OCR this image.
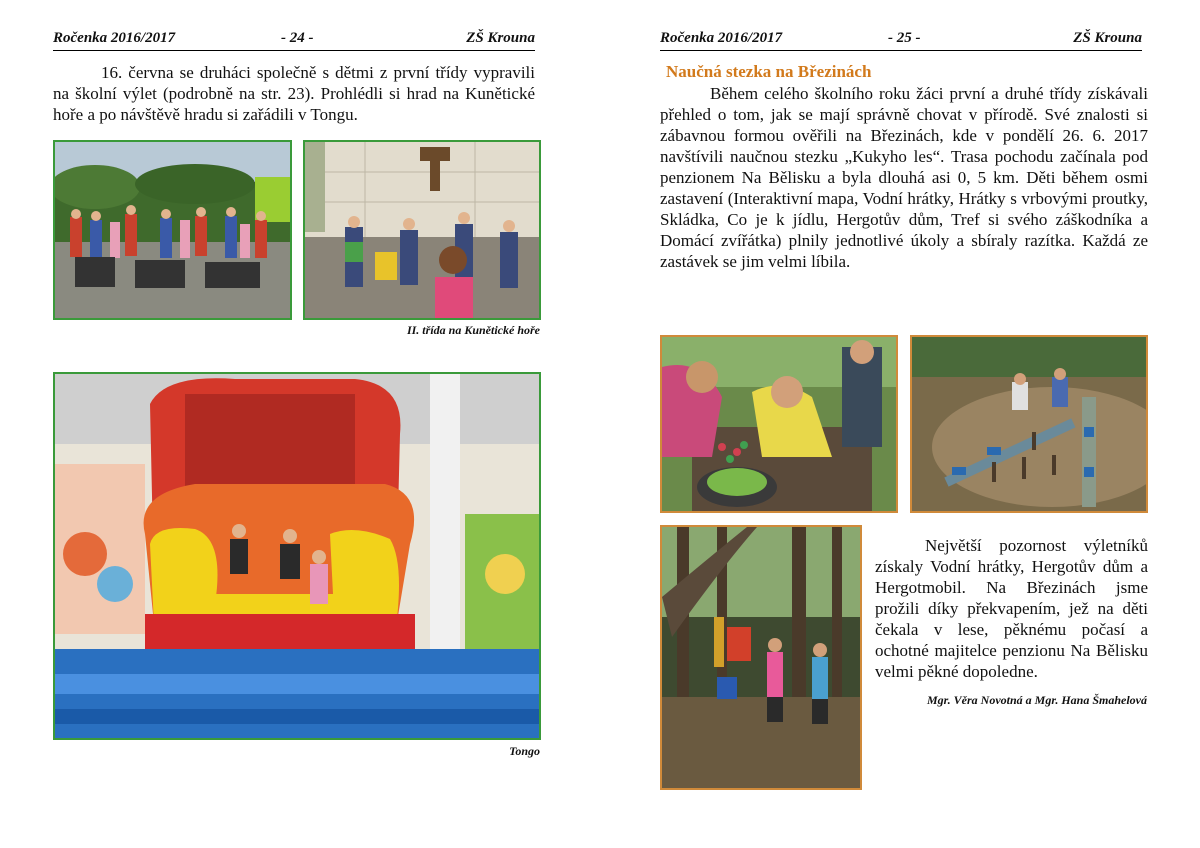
Ročenka 2016/2017	- 24 -	ZŠ Krouna

16. června se druháci společně s dětmi z první třídy vypravili na školní výlet (podrobně na str. 23). Prohlédli si hrad na Kunětické hoře a po návštěvě hradu si zařádili v Tongu.

II. třída na Kunětické hoře
Tongo
Ročenka 2016/2017	- 25 -	ZŠ Krouna
Naučná stezka na Březinách

Během celého školního roku žáci první a druhé třídy získávali přehled o tom, jak se mají správně chovat v přírodě. Své znalosti si zábavnou formou ověřili na Březinách, kde v pondělí 26. 6. 2017 navštívili naučnou stezku „Kukyho les“. Trasa pochodu začínala pod penzionem Na Bělisku a byla dlouhá asi 0, 5 km. Děti během osmi zastavení (Interaktivní mapa, Vodní hrátky, Hrátky s vrbovými proutky, Skládka, Co je k jídlu, Hergotův dům, Tref si svého záškodníka a Domácí zvířátka) plnily jednotlivé úkoly a sbíraly razítka. Každá ze zastávek se jim velmi líbila.

Největší pozornost výletníků získaly Vodní hrátky, Hergotův dům a Hergotmobil. Na Březinách jsme prožili díky překvapením, jež na děti čekala v lese, pěknému počasí a ochotné majitelce penzionu Na Bělisku velmi pěkné dopoledne.

Mgr. Věra Novotná a Mgr. Hana Šmahelová
